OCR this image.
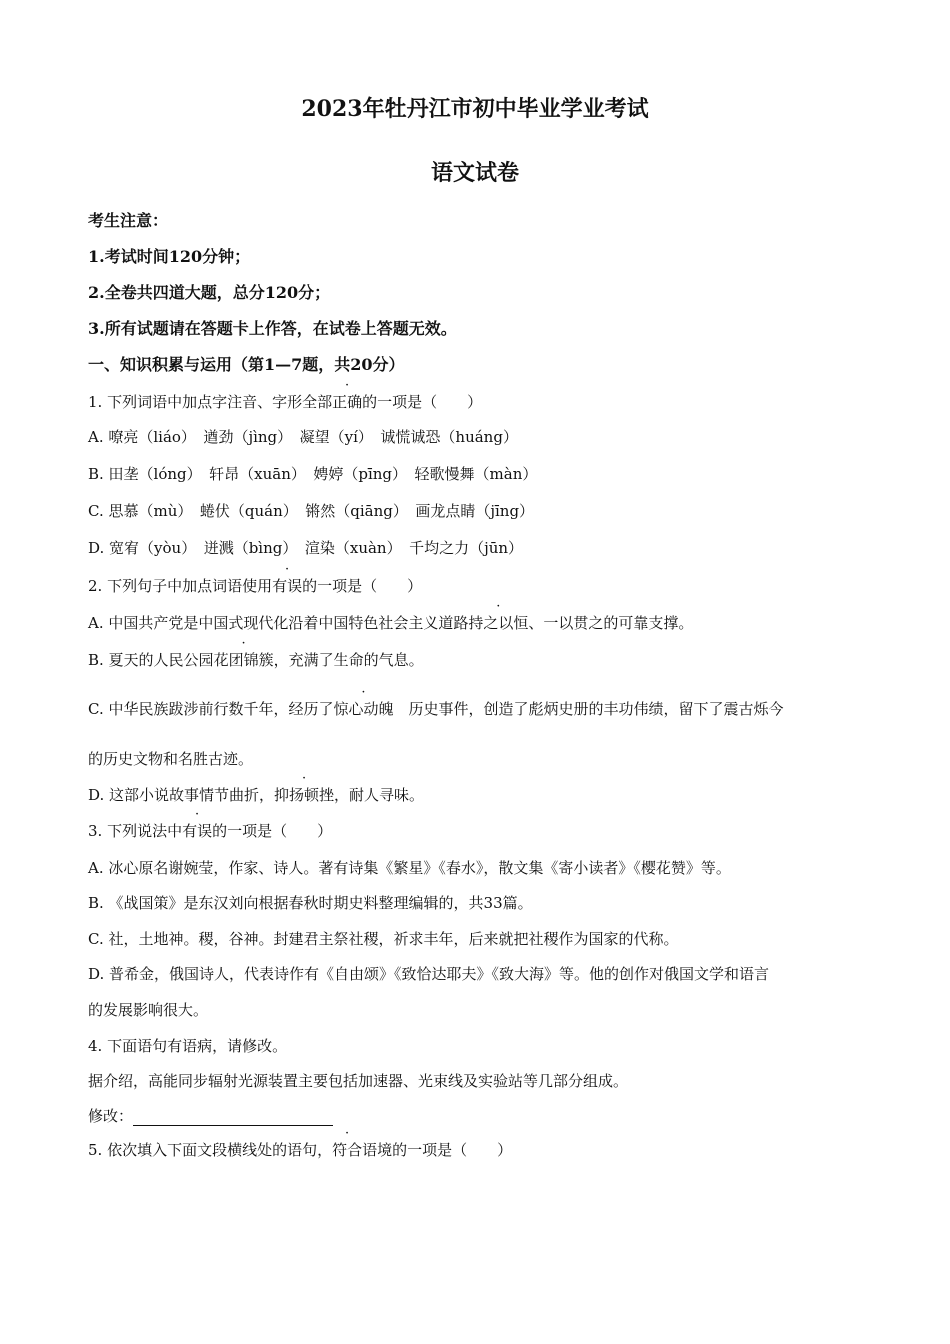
2023年牡丹江市初中毕业学业考试
语文试卷
考生注意：
1.考试时间120分钟；
2.全卷共四道大题，总分120分；
3.所有试题请在答题卡上作答，在试卷上答题无效。
一、知识积累与运用（第1—7题，共20分）
1. 下列词语中加点字注音、字形全部正确的一项是（　　）
A. 嘹亮（liáo）　遒劲（jìng）　凝望（yí）　诚慌诚恐（huáng）
B. 田垄（lóng）　轩昂（xuān）　娉婷（pīng）　轻歌慢舞（màn）
C. 思慕（mù）　蜷伏（quán）　锵然（qiāng）　画龙点睛（jīng）
D. 宽宥（yòu）　迸溅（bìng）　渲染（xuàn）　千均之力（jūn）
2. 下列句子中加点词语使用有误的一项是（　　）
A. 中国共产党是中国式现代化沿着中国特色社会主义道路持之以恒、一以贯之的可靠支撑。
B. 夏天的人民公园花团锦簇，充满了生命的气息。
C. 中华民族跋涉前行数千年，经历了惊心动魄　历史事件，创造了彪炳史册的丰功伟绩，留下了震古烁今
的历史文物和名胜古迹。
D. 这部小说故事情节曲折，抑扬顿挫，耐人寻味。
3. 下列说法中有误的一项是（　　）
A. 冰心原名谢婉莹，作家、诗人。著有诗集《繁星》《春水》，散文集《寄小读者》《樱花赞》等。
B. 《战国策》是东汉刘向根据春秋时期史料整理编辑的，共33篇。
C. 社，土地神。稷，谷神。封建君主祭社稷，祈求丰年，后来就把社稷作为国家的代称。
D. 普希金，俄国诗人，代表诗作有《自由颂》《致恰达耶夫》《致大海》等。他的创作对俄国文学和语言
的发展影响很大。
4. 下面语句有语病，请修改。
据介绍，高能同步辐射光源装置主要包括加速器、光束线及实验站等几部分组成。
修改：
5. 依次填入下面文段横线处的语句，符合语境的一项是（　　）
